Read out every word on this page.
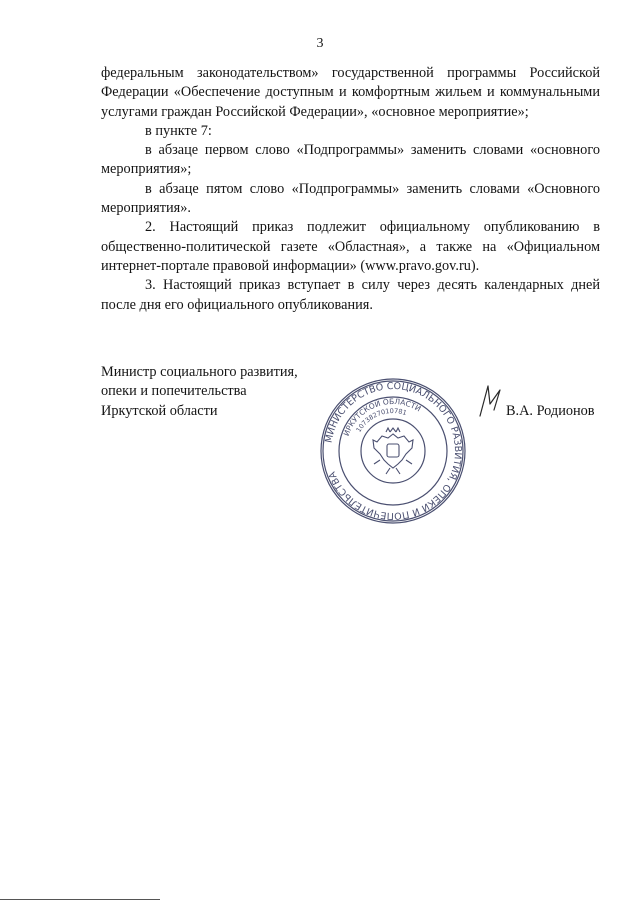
3

федеральным законодательством» государственной программы Российской Федерации «Обеспечение доступным и комфортным жильем и коммунальными услугами граждан Российской Федерации», «основное мероприятие»;

в пункте 7:

в абзаце первом слово «Подпрограммы» заменить словами «основного мероприятия»;

в абзаце пятом слово «Подпрограммы» заменить словами «Основного мероприятия».

2. Настоящий приказ подлежит официальному опубликованию в общественно-политической газете «Областная», а также на «Официальном интернет-портале правовой информации» (www.pravo.gov.ru).

3. Настоящий приказ вступает в силу через десять календарных дней после дня его официального опубликования.

Министр социального развития,
опеки и попечительства
Иркутской области
МИНИСТЕРСТВО СОЦИАЛЬНОГО РАЗВИТИЯ, ОПЕКИ И ПОПЕЧИТЕЛЬСТВА
ИРКУТСКОЙ ОБЛАСТИ
1073827010781	В.А. Родионов
